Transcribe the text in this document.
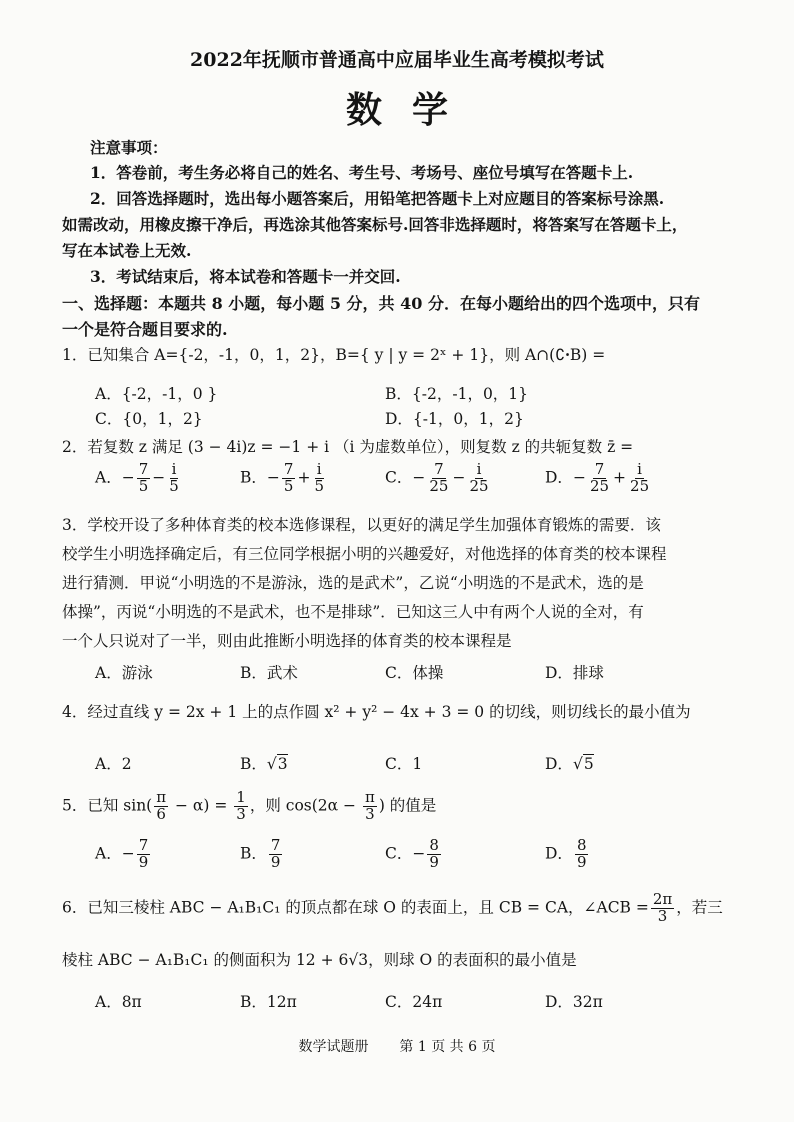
2022年抚顺市普通高中应届毕业生高考模拟考试
数学
注意事项：
1．答卷前，考生务必将自己的姓名、考生号、考场号、座位号填写在答题卡上.
2．回答选择题时，选出每小题答案后，用铅笔把答题卡上对应题目的答案标号涂黑.
如需改动，用橡皮擦干净后，再选涂其他答案标号.回答非选择题时，将答案写在答题卡上，
写在本试卷上无效.
3．考试结束后，将本试卷和答题卡一并交回.
一、选择题：本题共 8 小题，每小题 5 分，共 40 分．在每小题给出的四个选项中，只有
一个是符合题目要求的.
1．已知集合 A={-2，-1，0，1，2}，B={ y | y = 2ˣ + 1}，则 A∩(∁ꞏB) =
A．{-2，-1，0 }	B．{-2，-1，0，1}
C．{0，1，2}	D．{-1，0，1，2}
2．若复数 z 满足 (3 − 4i)z = −1 + i （i 为虚数单位），则复数 z 的共轭复数 z̄ =
A．− $\frac{7}{5} - \frac{i}{5}$	B．− $\frac{7}{5} + \frac{i}{5}$	C．− $\frac{7}{25} - \frac{i}{25}$	D．− $\frac{7}{25} + \frac{i}{25}$
3．学校开设了多种体育类的校本选修课程，以更好的满足学生加强体育锻炼的需要．该
校学生小明选择确定后，有三位同学根据小明的兴趣爱好，对他选择的体育类的校本课程
进行猜测．甲说“小明选的不是游泳，选的是武术”，乙说“小明选的不是武术，选的是
体操”，丙说“小明选的不是武术，也不是排球”．已知这三人中有两个人说的全对，有
一个人只说对了一半，则由此推断小明选择的体育类的校本课程是
A．游泳	B．武术	C．体操	D．排球
4．经过直线 y = 2x + 1 上的点作圆 x² + y² − 4x + 3 = 0 的切线，则切线长的最小值为
A．2	B．√3	C．1	D．√5
5．已知 $\sin( \frac{\pi}{6} - \alpha) = \frac{1}{3}$ ，则 $\cos(2\alpha - \frac{\pi}{3}$ ) 的值是
A．− $\frac{7}{9}$	B． $\frac{7}{9}$	C．− $\frac{8}{9}$	D． $\frac{8}{9}$
6．已知三棱柱 ABC − A₁B₁C₁ 的顶点都在球 O 的表面上，且 CB = CA，∠ACB = $\frac{2\pi}{3}$ ，若三
棱柱 ABC − A₁B₁C₁ 的侧面积为 12 + 6√3，则球 O 的表面积的最小值是
A．8π	B．12π	C．24π	D．32π
数学试题册 第 1 页 共 6 页
